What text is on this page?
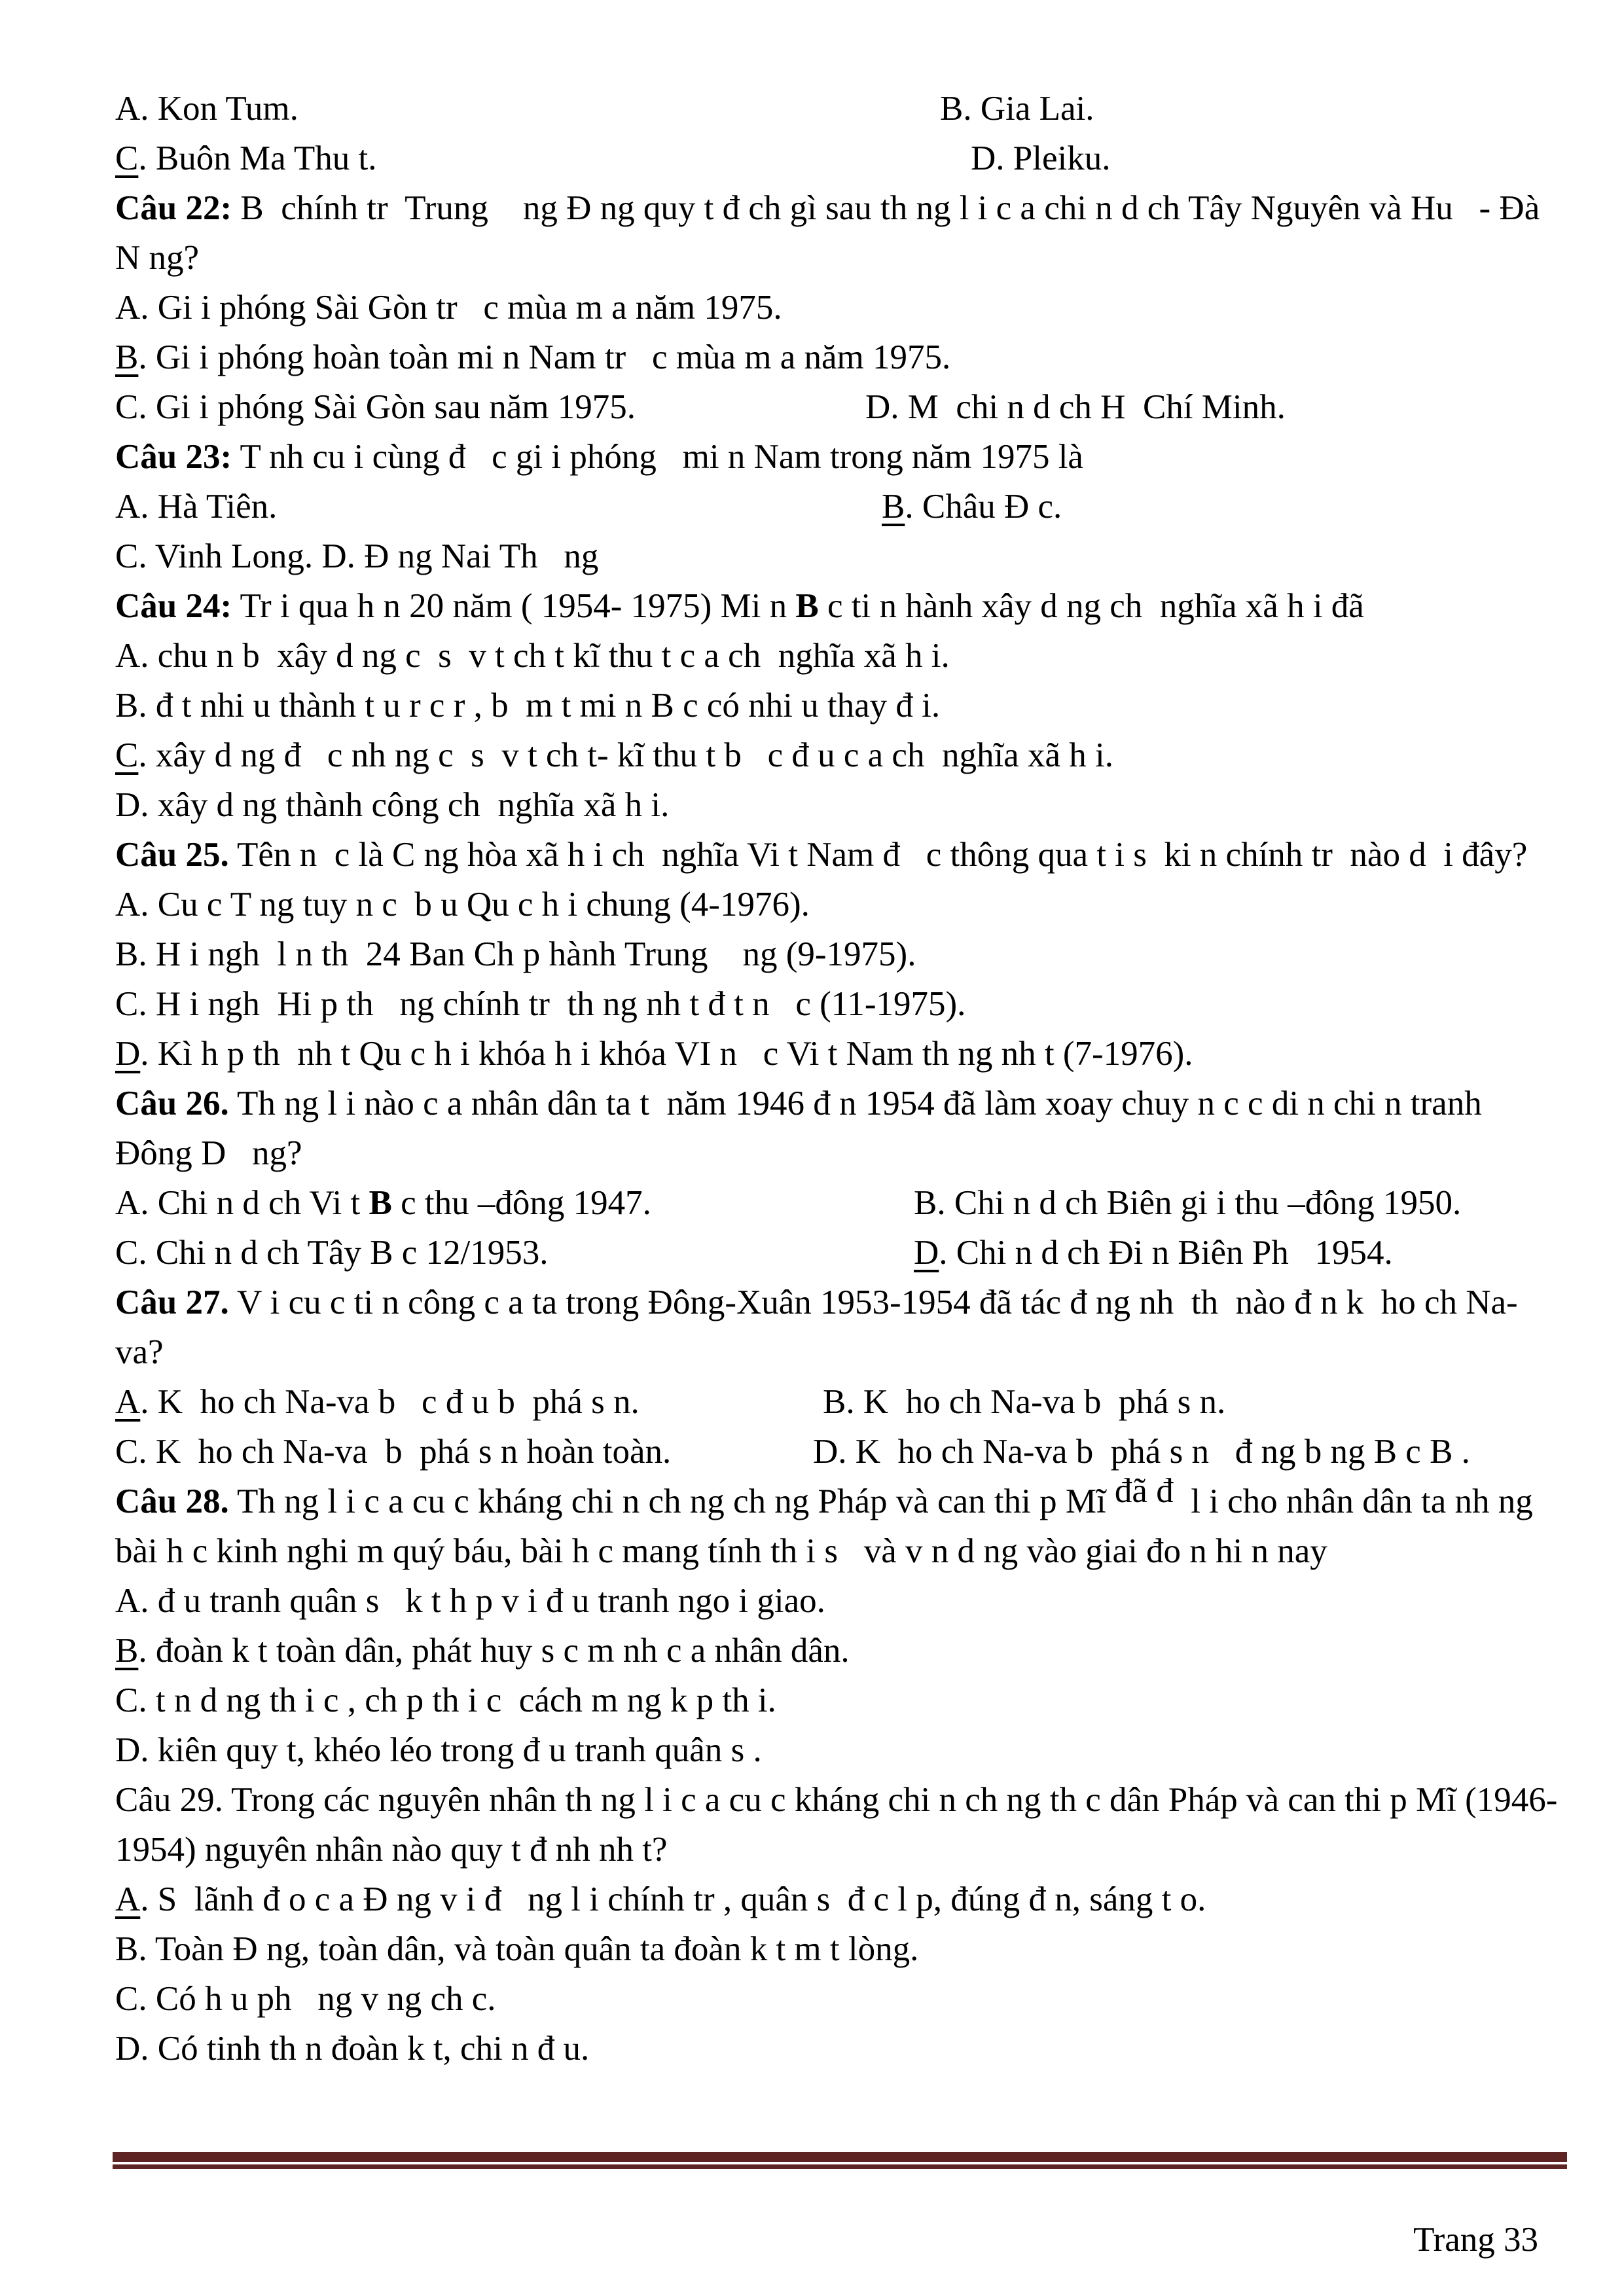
A. Kon Tum.	B. Gia Lai.
C. Buôn Ma Thu t.	D. Pleiku.
Câu 22: B  chính tr  Trung    ng Đ ng quy t đ ch gì sau th ng l i c a chi n d ch Tây Nguyên và Hu   - Đà
N ng?
A. Gi i phóng Sài Gòn tr   c mùa m a năm 1975.
B. Gi i phóng hoàn toàn mi n Nam tr   c mùa m a năm 1975.
C. Gi i phóng Sài Gòn sau năm 1975.	D. M  chi n d ch H  Chí Minh.
Câu 23: T nh cu i cùng đ   c gi i phóng   mi n Nam trong năm 1975 là
A. Hà Tiên.	B. Châu Đ c.
C. Vinh Long. D. Đ ng Nai Th   ng
Câu 24: Tr i qua h n 20 năm ( 1954- 1975) Mi n B c ti n hành xây d ng ch  nghĩa xã h i đã
A. chu n b  xây d ng c  s  v t ch t kĩ thu t c a ch  nghĩa xã h i.
B. đ t nhi u thành t u r c r , b  m t mi n B c có nhi u thay đ i.
C. xây d ng đ   c nh ng c  s  v t ch t- kĩ thu t b   c đ u c a ch  nghĩa xã h i.
D. xây d ng thành công ch  nghĩa xã h i.
Câu 25. Tên n  c là C ng hòa xã h i ch  nghĩa Vi t Nam đ   c thông qua t i s  ki n chính tr  nào d  i đây?
A. Cu c T ng tuy n c  b u Qu c h i chung (4-1976).
B. H i ngh  l n th  24 Ban Ch p hành Trung    ng (9-1975).
C. H i ngh  Hi p th   ng chính tr  th ng nh t đ t n   c (11-1975).
D. Kì h p th  nh t Qu c h i khóa h i khóa VI n   c Vi t Nam th ng nh t (7-1976).
Câu 26. Th ng l i nào c a nhân dân ta t  năm 1946 đ n 1954 đã làm xoay chuy n c c di n chi n tranh
Đông D   ng?
A. Chi n d ch Vi t B c thu –đông 1947.	B. Chi n d ch Biên gi i thu –đông 1950.
C. Chi n d ch Tây B c 12/1953.	D. Chi n d ch Đi n Biên Ph   1954.
Câu 27. V i cu c ti n công c a ta trong Đông-Xuân 1953-1954 đã tác đ ng nh  th  nào đ n k  ho ch Na-
va?
A. K  ho ch Na-va b   c đ u b  phá s n.	B. K  ho ch Na-va b  phá s n.
C. K  ho ch Na-va  b  phá s n hoàn toàn.	D. K  ho ch Na-va b  phá s n   đ ng b ng B c B .
Câu 28. Th ng l i c a cu c kháng chi n ch ng ch ng Pháp và can thi p Mĩ đã đ  l i cho nhân dân ta nh ng
bài h c kinh nghi m quý báu, bài h c mang tính th i s   và v n d ng vào giai đo n hi n nay
A. đ u tranh quân s   k t h p v i đ u tranh ngo i giao.
B. đoàn k t toàn dân, phát huy s c m nh c a nhân dân.
C. t n d ng th i c , ch p th i c  cách m ng k p th i.
D. kiên quy t, khéo léo trong đ u tranh quân s .
Câu 29. Trong các nguyên nhân th ng l i c a cu c kháng chi n ch ng th c dân Pháp và can thi p Mĩ (1946-
1954) nguyên nhân nào quy t đ nh nh t?
A. S  lãnh đ o c a Đ ng v i đ   ng l i chính tr , quân s  đ c l p, đúng đ n, sáng t o.
B. Toàn Đ ng, toàn dân, và toàn quân ta đoàn k t m t lòng.
C. Có h u ph   ng v ng ch c.
D. Có tinh th n đoàn k t, chi n đ u.
Trang 33
